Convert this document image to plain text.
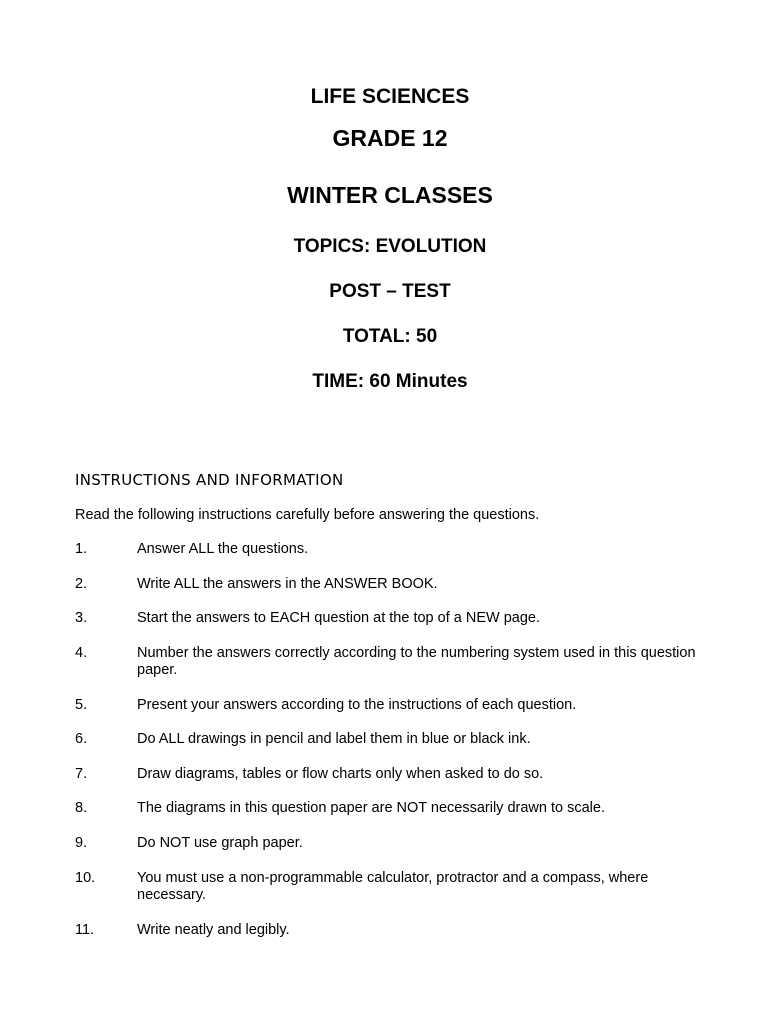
LIFE SCIENCES
GRADE 12
WINTER CLASSES
TOPICS: EVOLUTION
POST – TEST
TOTAL: 50
TIME: 60 Minutes
INSTRUCTIONS AND INFORMATION
Read the following instructions carefully before answering the questions.
1.	Answer ALL the questions.
2.	Write ALL the answers in the ANSWER BOOK.
3.	Start the answers to EACH question at the top of a NEW page.
4.	Number the answers correctly according to the numbering system used in this question paper.
5.	Present your answers according to the instructions of each question.
6.	Do ALL drawings in pencil and label them in blue or black ink.
7.	Draw diagrams, tables or flow charts only when asked to do so.
8.	The diagrams in this question paper are NOT necessarily drawn to scale.
9.	Do NOT use graph paper.
10.	You must use a non-programmable calculator, protractor and a compass, where necessary.
11.	Write neatly and legibly.
